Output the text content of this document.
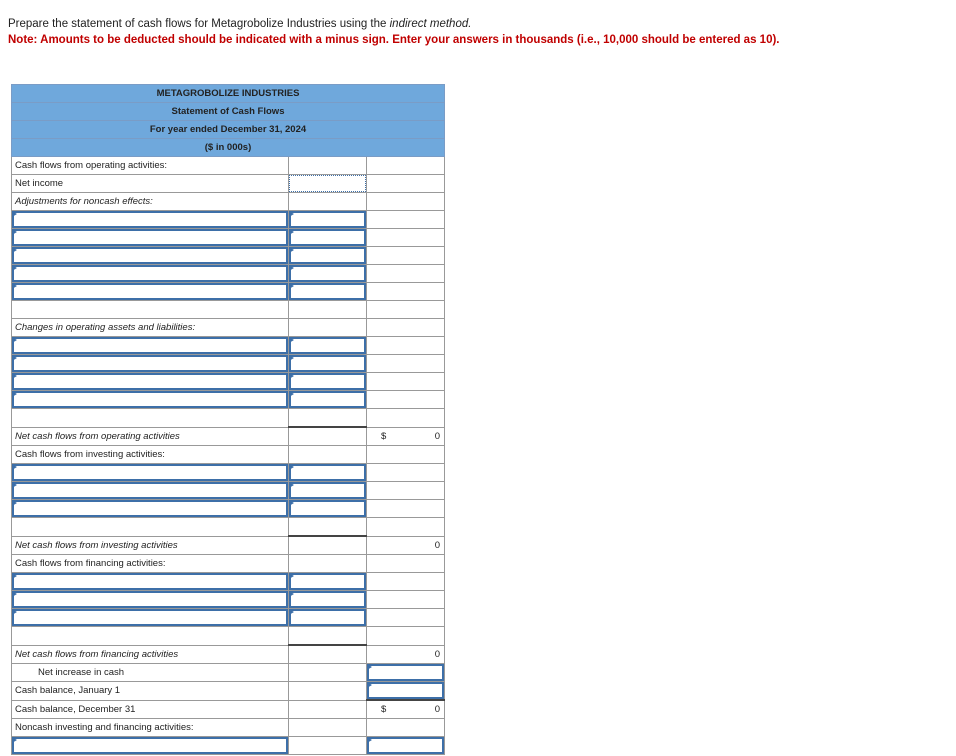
Prepare the statement of cash flows for Metagrobolize Industries using the indirect method.
Note: Amounts to be deducted should be indicated with a minus sign. Enter your answers in thousands (i.e., 10,000 should be entered as 10).
METAGROBOLIZE INDUSTRIES		
Statement of Cash Flows		
For year ended December 31, 2024		
($ in 000s)		
Cash flows from operating activities:		
Net income	

Adjustments for noncash effects:		

Changes in operating assets and liabilities:		

Net cash flows from operating activities		$ 0

Cash flows from investing activities:		

Net cash flows from investing activities		0

Cash flows from financing activities:		

Net cash flows from financing activities		0

Net increase in cash		

Cash balance, January 1		

Cash balance, December 31		$ 0

Noncash investing and financing activities:		
